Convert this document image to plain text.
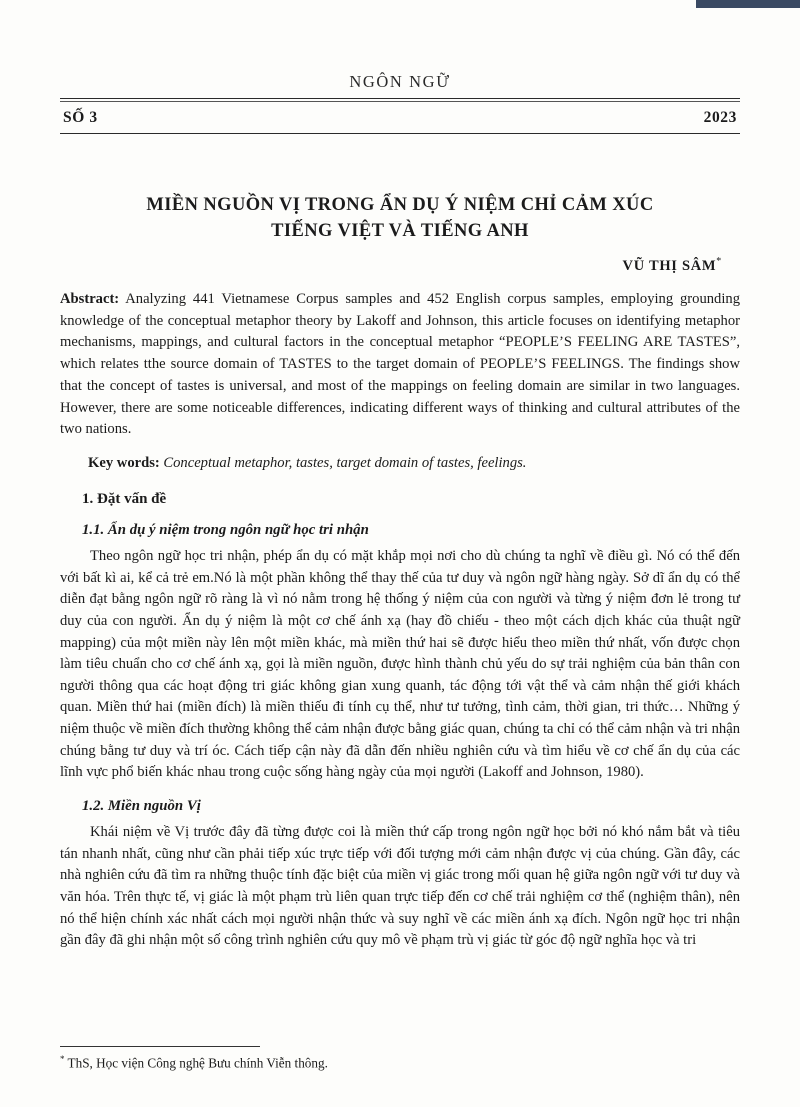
NGÔN NGỮ
SỐ 3	2023
MIỀN NGUỒN VỊ TRONG ẨN DỤ Ý NIỆM CHỈ CẢM XÚC
TIẾNG VIỆT VÀ TIẾNG ANH
VŨ THỊ SÂM*
Abstract: Analyzing 441 Vietnamese Corpus samples and 452 English corpus samples, employing grounding knowledge of the conceptual metaphor theory by Lakoff and Johnson, this article focuses on identifying metaphor mechanisms, mappings, and cultural factors in the conceptual metaphor “PEOPLE’S FEELING ARE TASTES”, which relates tthe source domain of TASTES to the target domain of PEOPLE’S FEELINGS. The findings show that the concept of tastes is universal, and most of the mappings on feeling domain are similar in two languages. However, there are some noticeable differences, indicating different ways of thinking and cultural attributes of the two nations.
Key words: Conceptual metaphor, tastes, target domain of tastes, feelings.
1. Đặt vấn đề
1.1. Ẩn dụ ý niệm trong ngôn ngữ học tri nhận

Theo ngôn ngữ học tri nhận, phép ẩn dụ có mặt khắp mọi nơi cho dù chúng ta nghĩ về điều gì. Nó có thể đến với bất kì ai, kể cả trẻ em.Nó là một phần không thể thay thế của tư duy và ngôn ngữ hàng ngày. Sở dĩ ẩn dụ có thể diễn đạt bằng ngôn ngữ rõ ràng là vì nó nằm trong hệ thống ý niệm của con người và từng ý niệm đơn lẻ trong tư duy của con người. Ẩn dụ ý niệm là một cơ chế ánh xạ (hay đồ chiếu - theo một cách dịch khác của thuật ngữ mapping) của một miền này lên một miền khác, mà miền thứ hai sẽ được hiểu theo miền thứ nhất, vốn được chọn làm tiêu chuẩn cho cơ chế ánh xạ, gọi là miền nguồn, được hình thành chủ yếu do sự trải nghiệm của bản thân con người thông qua các hoạt động tri giác không gian xung quanh, tác động tới vật thể và cảm nhận thế giới khách quan. Miền thứ hai (miền đích) là miền thiếu đi tính cụ thể, như tư tưởng, tình cảm, thời gian, tri thức… Những ý niệm thuộc về miền đích thường không thể cảm nhận được bằng giác quan, chúng ta chỉ có thể cảm nhận và tri nhận chúng bằng tư duy và trí óc. Cách tiếp cận này đã dẫn đến nhiều nghiên cứu và tìm hiểu về cơ chế ẩn dụ của các lĩnh vực phổ biến khác nhau trong cuộc sống hàng ngày của mọi người (Lakoff and Johnson, 1980).

1.2. Miền nguồn Vị

Khái niệm về Vị trước đây đã từng được coi là miền thứ cấp trong ngôn ngữ học bởi nó khó nắm bắt và tiêu tán nhanh nhất, cũng như cần phải tiếp xúc trực tiếp với đối tượng mới cảm nhận được vị của chúng. Gần đây, các nhà nghiên cứu đã tìm ra những thuộc tính đặc biệt của miền vị giác trong mối quan hệ giữa ngôn ngữ với tư duy và văn hóa. Trên thực tế, vị giác là một phạm trù liên quan trực tiếp đến cơ chế trải nghiệm cơ thể (nghiệm thân), nên nó thể hiện chính xác nhất cách mọi người nhận thức và suy nghĩ về các miền ánh xạ đích. Ngôn ngữ học tri nhận gần đây đã ghi nhận một số công trình nghiên cứu quy mô về phạm trù vị giác từ góc độ ngữ nghĩa học và tri

* ThS, Học viện Công nghệ Bưu chính Viễn thông.
